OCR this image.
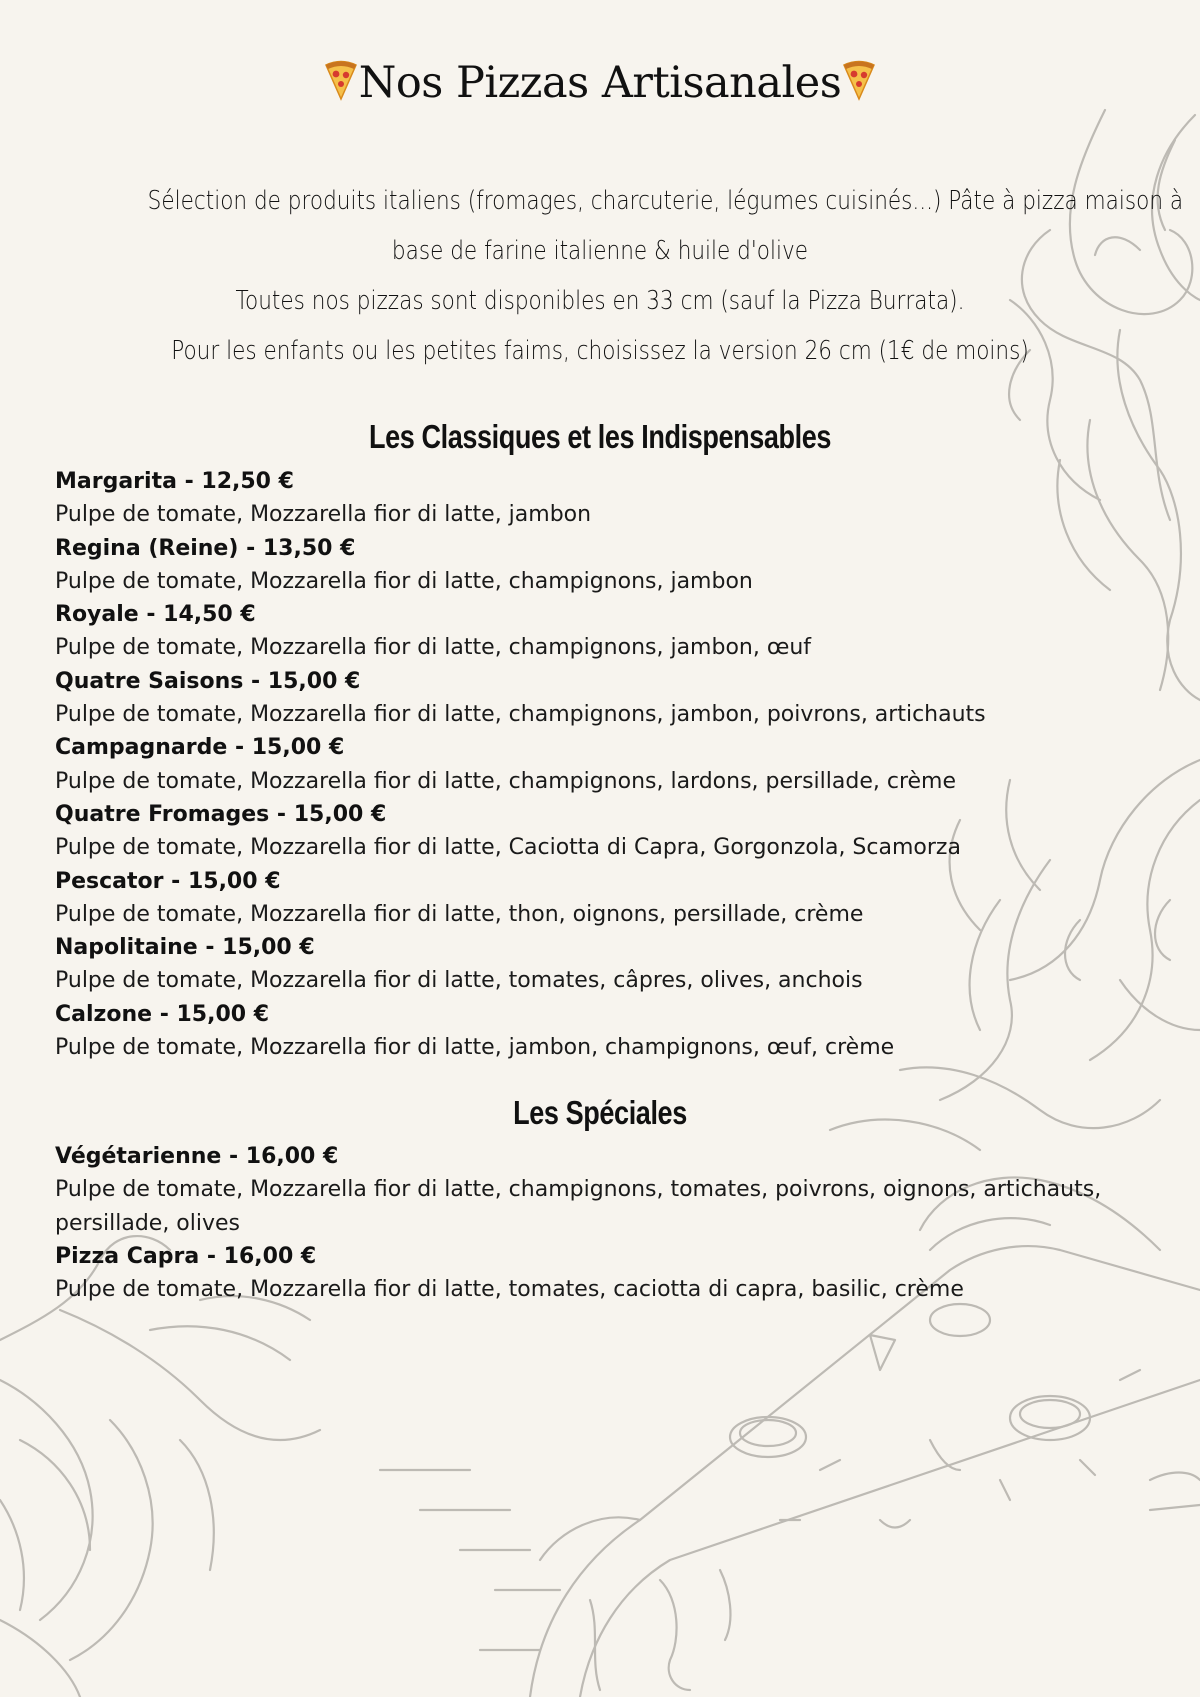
Nos Pizzas Artisanales
Sélection de produits italiens (fromages, charcuterie, légumes cuisinés...) Pâte à pizza maison à
base de farine italienne & huile d'olive
Toutes nos pizzas sont disponibles en 33 cm (sauf la Pizza Burrata).
Pour les enfants ou les petites faims, choisissez la version 26 cm (1€ de moins)
Les Classiques et les Indispensables
Margarita - 12,50 €
Pulpe de tomate, Mozzarella fior di latte, jambon
Regina (Reine) - 13,50 €
Pulpe de tomate, Mozzarella fior di latte, champignons, jambon
Royale - 14,50 €
Pulpe de tomate, Mozzarella fior di latte, champignons, jambon, œuf
Quatre Saisons - 15,00 €
Pulpe de tomate, Mozzarella fior di latte, champignons, jambon, poivrons, artichauts
Campagnarde - 15,00 €
Pulpe de tomate, Mozzarella fior di latte, champignons, lardons, persillade, crème
Quatre Fromages - 15,00 €
Pulpe de tomate, Mozzarella fior di latte, Caciotta di Capra, Gorgonzola, Scamorza
Pescator - 15,00 €
Pulpe de tomate, Mozzarella fior di latte, thon, oignons, persillade, crème
Napolitaine - 15,00 €
Pulpe de tomate, Mozzarella fior di latte, tomates, câpres, olives, anchois
Calzone - 15,00 €
Pulpe de tomate, Mozzarella fior di latte, jambon, champignons, œuf, crème
Les Spéciales
Végétarienne - 16,00 €
Pulpe de tomate, Mozzarella fior di latte, champignons, tomates, poivrons, oignons, artichauts, persillade, olives
Pizza Capra - 16,00 €
Pulpe de tomate, Mozzarella fior di latte, tomates, caciotta di capra, basilic, crème
